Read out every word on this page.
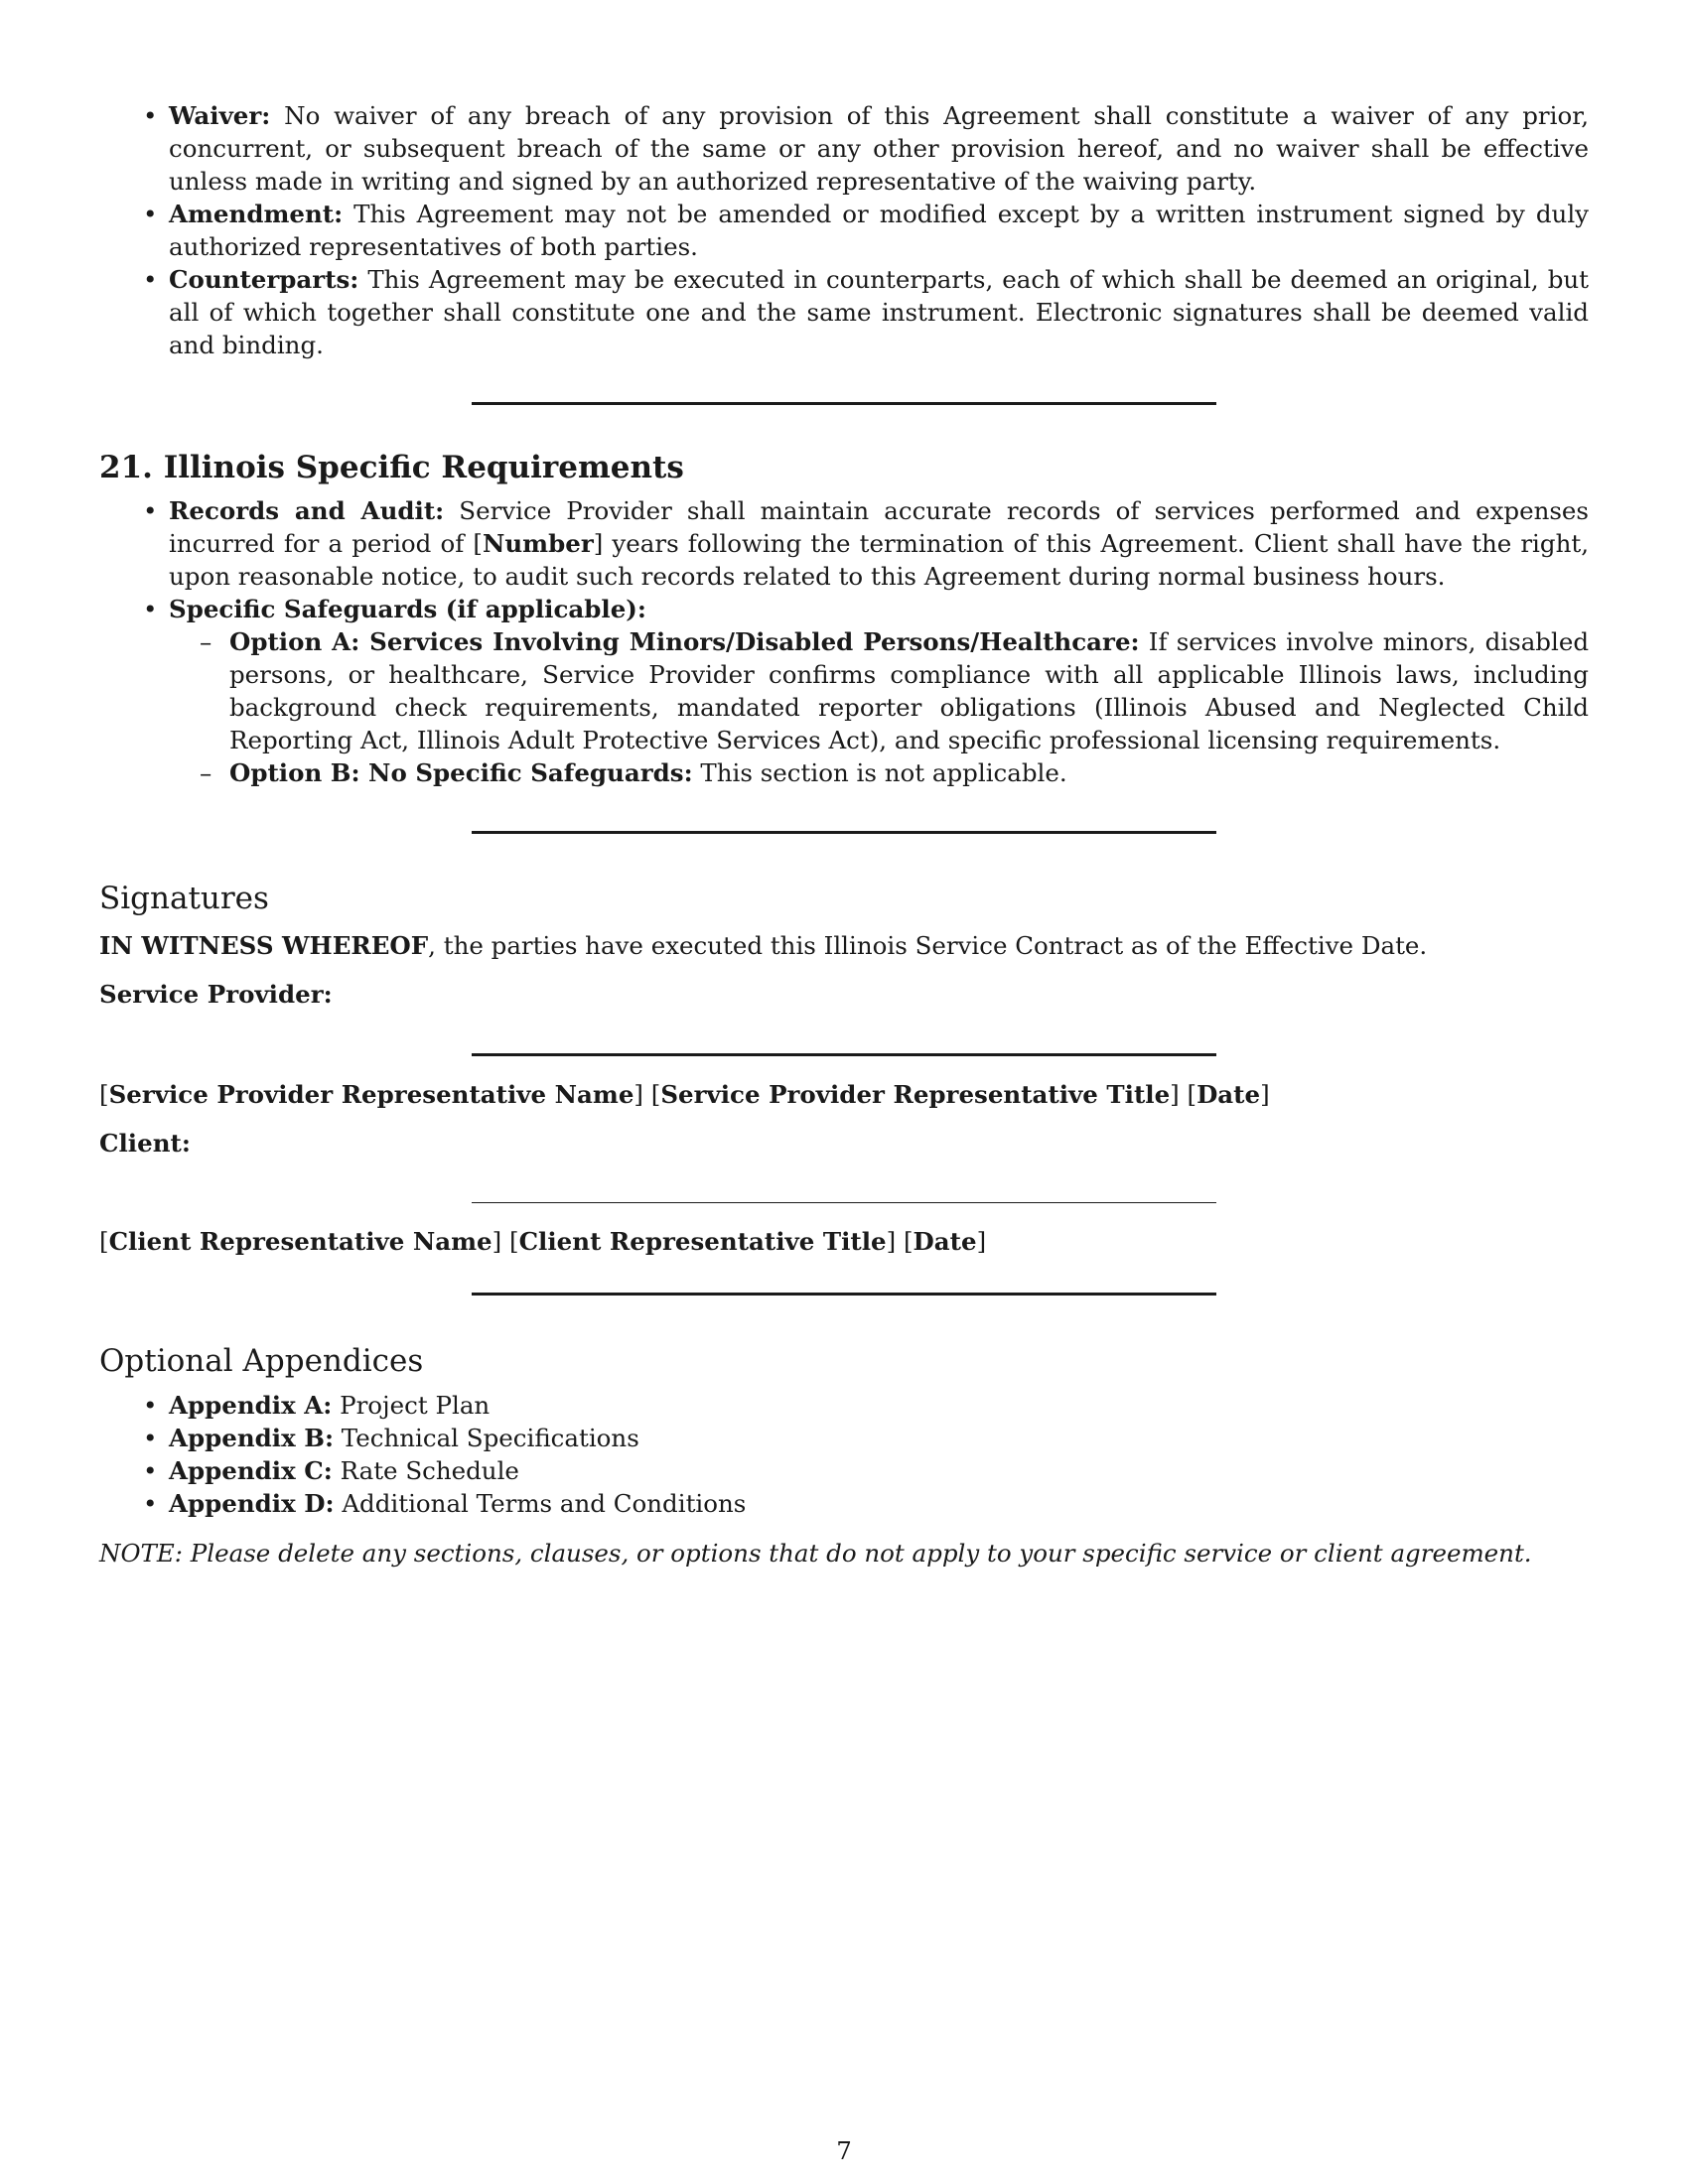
• Waiver: No waiver of any breach of any provision of this Agreement shall constitute a waiver of any prior, concurrent, or subsequent breach of the same or any other provision hereof, and no waiver shall be effective unless made in writing and signed by an authorized representative of the waiving party.
• Amendment: This Agreement may not be amended or modified except by a written instrument signed by duly authorized representatives of both parties.
• Counterparts: This Agreement may be executed in counterparts, each of which shall be deemed an original, but all of which together shall constitute one and the same instrument. Electronic signatures shall be deemed valid and binding.
21. Illinois Specific Requirements
• Records and Audit: Service Provider shall maintain accurate records of services performed and expenses incurred for a period of [Number] years following the termination of this Agreement. Client shall have the right, upon reasonable notice, to audit such records related to this Agreement during normal business hours.
• Specific Safeguards (if applicable):
– Option A: Services Involving Minors/Disabled Persons/Healthcare: If services involve minors, disabled persons, or healthcare, Service Provider confirms compliance with all applicable Illinois laws, including background check requirements, mandated reporter obligations (Illinois Abused and Neglected Child Reporting Act, Illinois Adult Protective Services Act), and specific professional licensing requirements.
– Option B: No Specific Safeguards: This section is not applicable.
Signatures

IN WITNESS WHEREOF, the parties have executed this Illinois Service Contract as of the Effective Date.

Service Provider:

[Service Provider Representative Name] [Service Provider Representative Title] [Date]

Client:

[Client Representative Name] [Client Representative Title] [Date]

Optional Appendices
• Appendix A: Project Plan
• Appendix B: Technical Specifications
• Appendix C: Rate Schedule
• Appendix D: Additional Terms and Conditions

NOTE: Please delete any sections, clauses, or options that do not apply to your specific service or client agreement.

7
